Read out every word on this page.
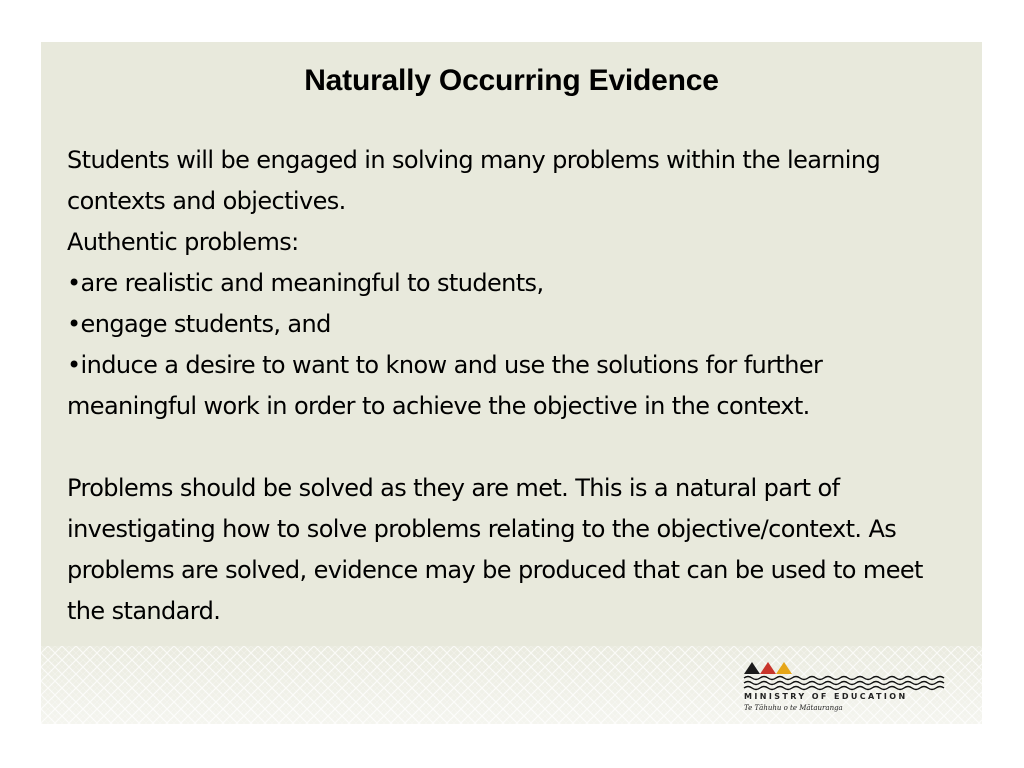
Naturally Occurring Evidence

Students will be engaged in solving many problems within the learning contexts and objectives.

Authentic problems:

•are realistic and meaningful to students,

•engage students, and

•induce a desire to want to know and use the solutions for further meaningful work in order to achieve the objective in the context.

Problems should be solved as they are met. This is a natural part of investigating how to solve problems relating to the objective/context. As problems are solved, evidence may be produced that can be used to meet the standard.

MINISTRY OF EDUCATION
Te Tāhuhu o te Mātauranga
